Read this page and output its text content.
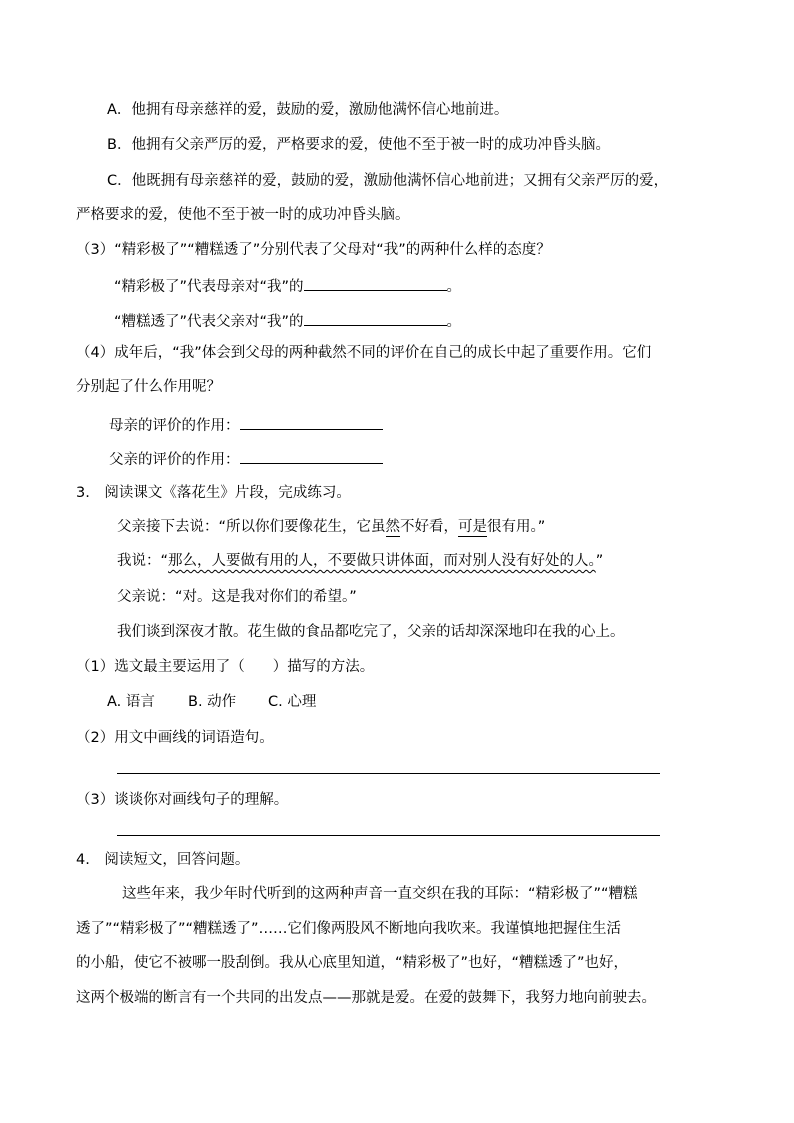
A．他拥有母亲慈祥的爱，鼓励的爱，激励他满怀信心地前进。
B．他拥有父亲严厉的爱，严格要求的爱，使他不至于被一时的成功冲昏头脑。
C．他既拥有母亲慈祥的爱，鼓励的爱，激励他满怀信心地前进；又拥有父亲严厉的爱，
严格要求的爱，使他不至于被一时的成功冲昏头脑。
（3）“精彩极了”“糟糕透了”分别代表了父母对“我”的两种什么样的态度？
“精彩极了”代表母亲对“我”的	。
“糟糕透了”代表父亲对“我”的	。
（4）成年后，“我”体会到父母的两种截然不同的评价在自己的成长中起了重要作用。它们
分别起了什么作用呢？
母亲的评价的作用：
父亲的评价的作用：
3.　阅读课文《落花生》片段，完成练习。
父亲接下去说：“所以你们要像花生，它虽然不好看，可是很有用。”
我说：“那么，人要做有用的人，不要做只讲体面，而对别人没有好处的人。”
父亲说：“对。这是我对你们的希望。”
我们谈到深夜才散。花生做的食品都吃完了，父亲的话却深深地印在我的心上。
（1）选文最主要运用了（ ）描写的方法。
A. 语言 B. 动作 C. 心理
（2）用文中画线的词语造句。
（3）谈谈你对画线句子的理解。
4.　阅读短文，回答问题。
这些年来，我少年时代听到的这两种声音一直交织在我的耳际：“精彩极了”“糟糕
透了”“精彩极了”“糟糕透了”……它们像两股风不断地向我吹来。我谨慎地把握住生活
的小船，使它不被哪一股刮倒。我从心底里知道，“精彩极了”也好，“糟糕透了”也好，
这两个极端的断言有一个共同的出发点——那就是爱。在爱的鼓舞下，我努力地向前驶去。
